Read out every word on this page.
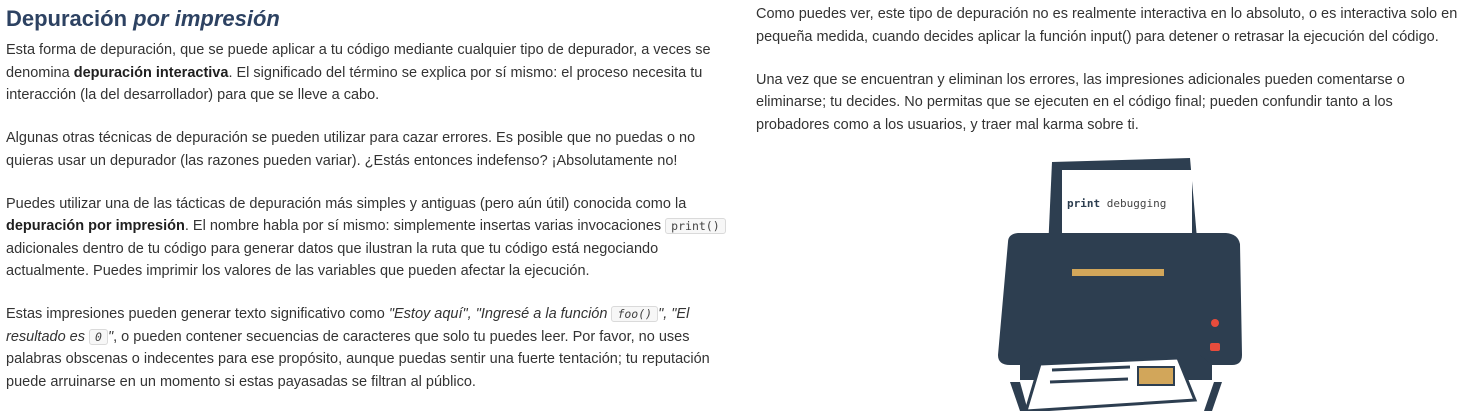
Depuración por impresión

Esta forma de depuración, que se puede aplicar a tu código mediante cualquier tipo de depurador, a veces se denomina depuración interactiva. El significado del término se explica por sí mismo: el proceso necesita tu interacción (la del desarrollador) para que se lleve a cabo.

Algunas otras técnicas de depuración se pueden utilizar para cazar errores. Es posible que no puedas o no quieras usar un depurador (las razones pueden variar). ¿Estás entonces indefenso? ¡Absolutamente no!

Puedes utilizar una de las tácticas de depuración más simples y antiguas (pero aún útil) conocida como la depuración por impresión. El nombre habla por sí mismo: simplemente insertas varias invocaciones print() adicionales dentro de tu código para generar datos que ilustran la ruta que tu código está negociando actualmente. Puedes imprimir los valores de las variables que pueden afectar la ejecución.

Estas impresiones pueden generar texto significativo como "Estoy aquí", "Ingresé a la función foo() ", "El resultado es 0 ", o pueden contener secuencias de caracteres que solo tu puedes leer. Por favor, no uses palabras obscenas o indecentes para ese propósito, aunque puedas sentir una fuerte tentación; tu reputación puede arruinarse en un momento si estas payasadas se filtran al público.

Como puedes ver, este tipo de depuración no es realmente interactiva en lo absoluto, o es interactiva solo en pequeña medida, cuando decides aplicar la función input() para detener o retrasar la ejecución del código.

Una vez que se encuentran y eliminan los errores, las impresiones adicionales pueden comentarse o eliminarse; tu decides. No permitas que se ejecuten en el código final; pueden confundir tanto a los probadores como a los usuarios, y traer mal karma sobre ti.

print debugging
